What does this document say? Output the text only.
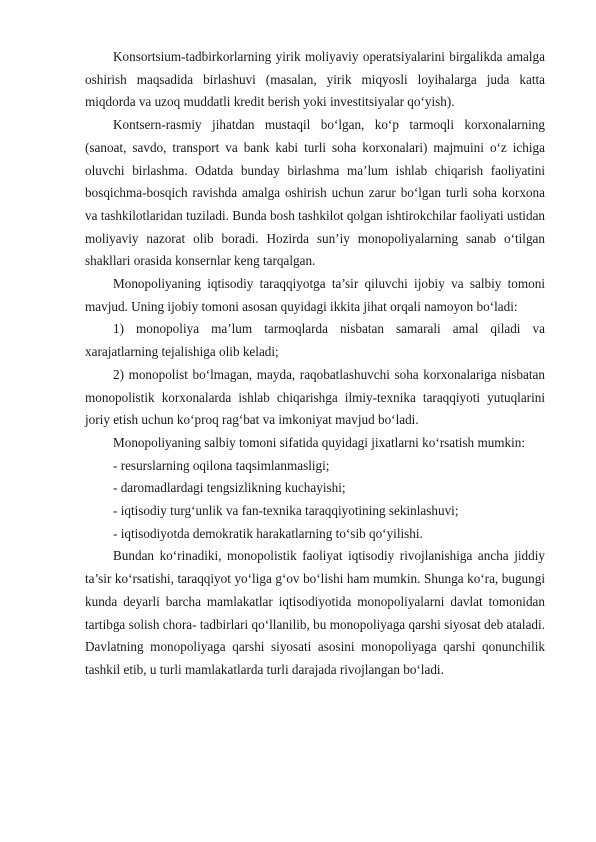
Konsortsium-tadbirkorlarning yirik moliyaviy operatsiyalarini birgalikda amalga oshirish maqsadida birlashuvi (masalan, yirik miqyosli loyihalarga juda katta miqdorda va uzoq muddatli kredit berish yoki investitsiyalar qo‘yish).

Kontsern-rasmiy jihatdan mustaqil bo‘lgan, ko‘p tarmoqli korxonalarning (sanoat, savdo, transport va bank kabi turli soha korxonalari) majmuini o‘z ichiga oluvchi birlashma. Odatda bunday birlashma ma’lum ishlab chiqarish faoliyatini bosqichma-bosqich ravishda amalga oshirish uchun zarur bo‘lgan turli soha korxona va tashkilotlaridan tuziladi. Bunda bosh tashkilot qolgan ishtirokchilar faoliyati ustidan moliyaviy nazorat olib boradi. Hozirda sun’iy monopoliyalarning sanab o‘tilgan shakllari orasida konsernlar keng tarqalgan.

Monopoliyaning iqtisodiy taraqqiyotga ta’sir qiluvchi ijobiy va salbiy tomoni mavjud. Uning ijobiy tomoni asosan quyidagi ikkita jihat orqali namoyon bo‘ladi:

1) monopoliya ma’lum tarmoqlarda nisbatan samarali amal qiladi va xarajatlarning tejalishiga olib keladi;

2) monopolist bo‘lmagan, mayda, raqobatlashuvchi soha korxonalariga nisbatan monopolistik korxonalarda ishlab chiqarishga ilmiy-texnika taraqqiyoti yutuqlarini joriy etish uchun ko‘proq rag‘bat va imkoniyat mavjud bo‘ladi.

Monopoliyaning salbiy tomoni sifatida quyidagi jixatlarni ko‘rsatish mumkin:

- resurslarning oqilona taqsimlanmasligi;

- daromadlardagi tengsizlikning kuchayishi;

- iqtisodiy turg‘unlik va fan-texnika taraqqiyotining sekinlashuvi;

- iqtisodiyotda demokratik harakatlarning to‘sib qo‘yilishi.

Bundan ko‘rinadiki, monopolistik faoliyat iqtisodiy rivojlanishiga ancha jiddiy ta’sir ko‘rsatishi, taraqqiyot yo‘liga g‘ov bo‘lishi ham mumkin. Shunga ko‘ra, bugungi kunda deyarli barcha mamlakatlar iqtisodiyotida monopoliyalarni davlat tomonidan tartibga solish chora- tadbirlari qo‘llanilib, bu monopoliyaga qarshi siyosat deb ataladi. Davlatning monopoliyaga qarshi siyosati asosini monopoliyaga qarshi qonunchilik tashkil etib, u turli mamlakatlarda turli darajada rivojlangan bo‘ladi.
